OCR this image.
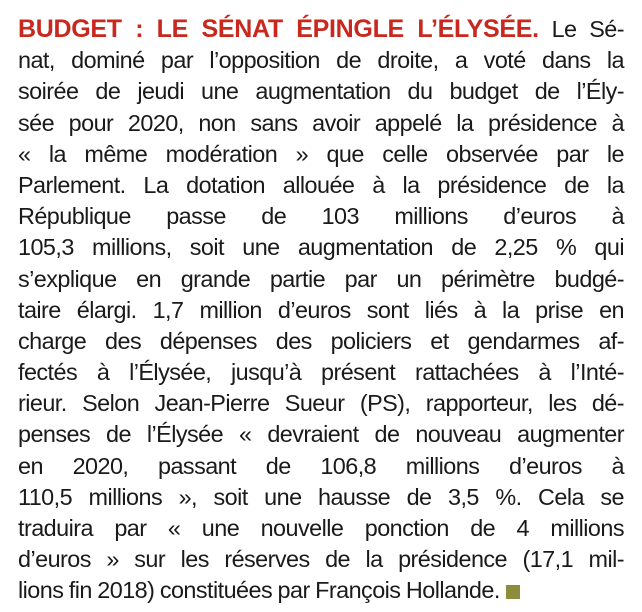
BUDGET : LE SÉNAT ÉPINGLE L’ÉLYSÉE. Le Sé-
nat, dominé par l’opposition de droite, a voté dans la
soirée de jeudi une augmentation du budget de l’Ély-
sée pour 2020, non sans avoir appelé la présidence à
« la même modération » que celle observée par le
Parlement. La dotation allouée à la présidence de la
République passe de 103 millions d’euros à
105,3 millions, soit une augmentation de 2,25 % qui
s’explique en grande partie par un périmètre budgé-
taire élargi. 1,7 million d’euros sont liés à la prise en
charge des dépenses des policiers et gendarmes af-
fectés à l’Élysée, jusqu’à présent rattachées à l’Inté-
rieur. Selon Jean-Pierre Sueur (PS), rapporteur, les dé-
penses de l’Élysée « devraient de nouveau augmenter
en 2020, passant de 106,8 millions d’euros à
110,5 millions », soit une hausse de 3,5 %. Cela se
traduira par « une nouvelle ponction de 4 millions
d’euros » sur les réserves de la présidence (17,1 mil-
lions fin 2018) constituées par François Hollande.
